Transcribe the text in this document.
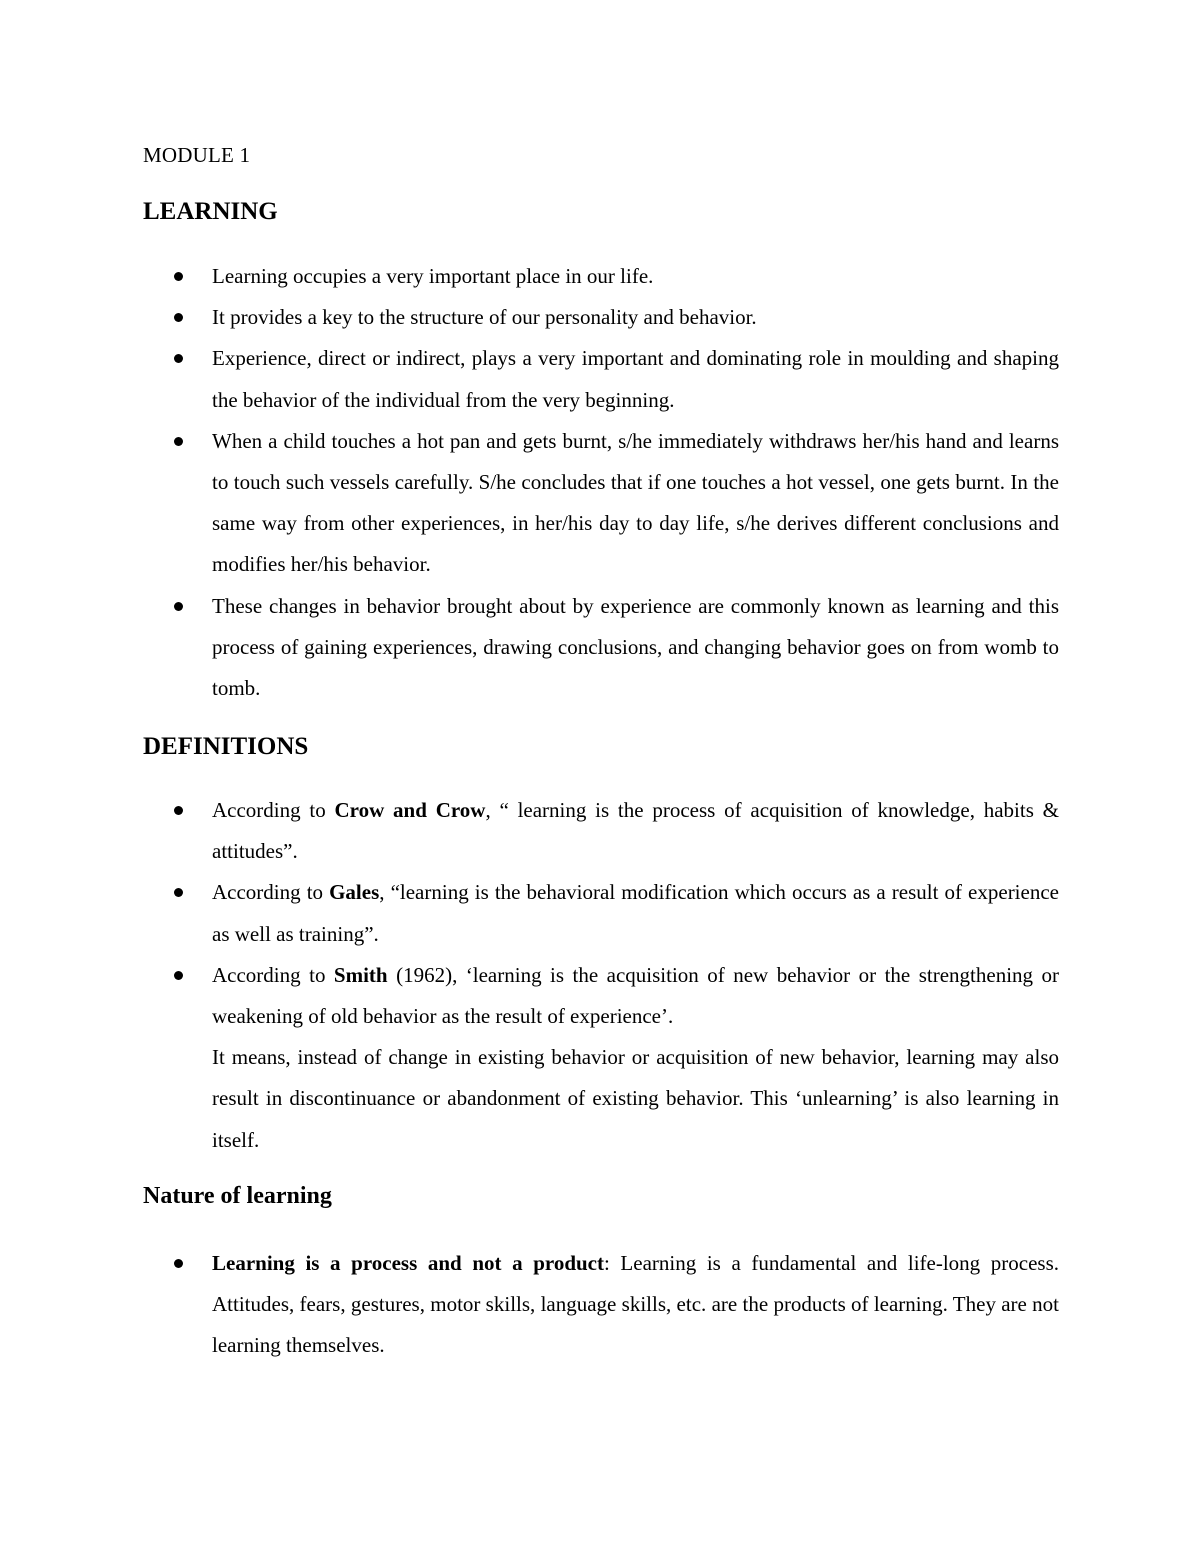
MODULE 1
LEARNING
Learning occupies a very important place in our life.
It provides a key to the structure of our personality and behavior.
Experience, direct or indirect, plays a very important and dominating role in moulding and shaping the behavior of the individual from the very beginning.
When a child touches a hot pan and gets burnt, s/he immediately withdraws her/his hand and learns to touch such vessels carefully. S/he concludes that if one touches a hot vessel, one gets burnt. In the same way from other experiences, in her/his day to day life, s/he derives different conclusions and modifies her/his behavior.
These changes in behavior brought about by experience are commonly known as learning and this process of gaining experiences, drawing conclusions, and changing behavior goes on from womb to tomb.
DEFINITIONS
According to Crow and Crow, “ learning is the process of acquisition of knowledge, habits & attitudes”.
According to Gales, “learning is the behavioral modification which occurs as a result of experience as well as training”.
According to Smith (1962), ‘learning is the acquisition of new behavior or the strengthening or weakening of old behavior as the result of experience’.
It means, instead of change in existing behavior or acquisition of new behavior, learning may also result in discontinuance or abandonment of existing behavior. This ‘unlearning’ is also learning in itself.
Nature of learning
Learning is a process and not a product: Learning is a fundamental and life-long process. Attitudes, fears, gestures, motor skills, language skills, etc. are the products of learning. They are not learning themselves.
